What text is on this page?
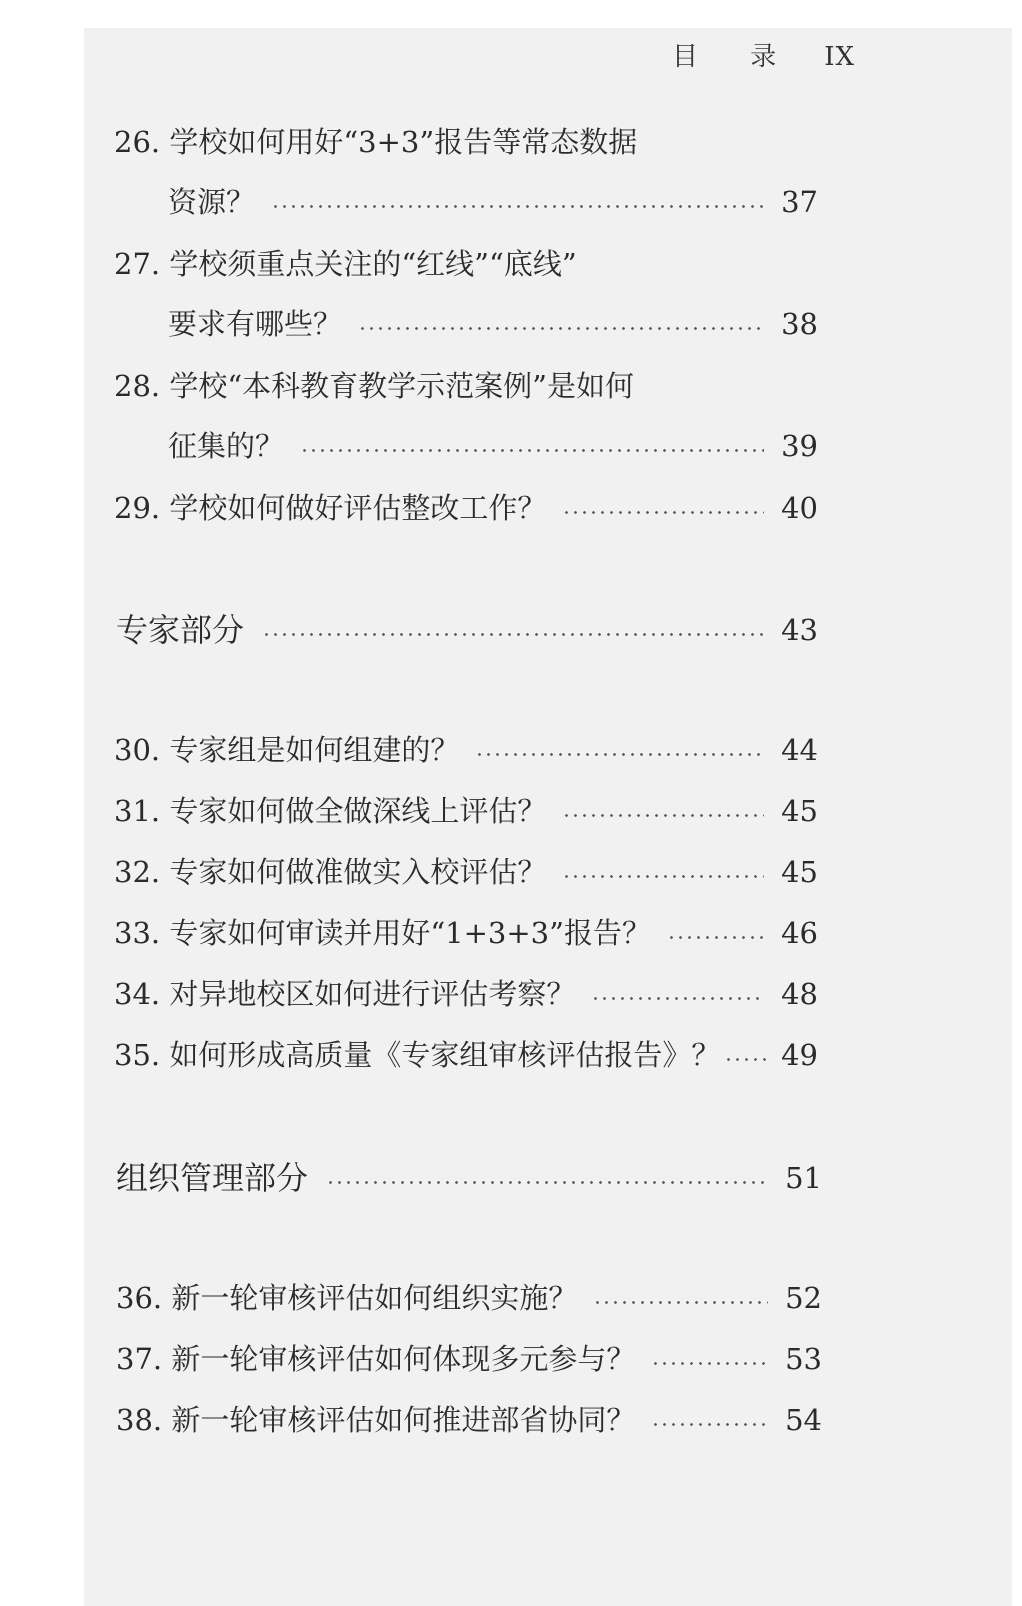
目 录 IX
26. 学校如何用好“3+3”报告等常态数据
资源？	37
27. 学校须重点关注的“红线”“底线”
要求有哪些？	38
28. 学校“本科教育教学示范案例”是如何
征集的？	39
29. 学校如何做好评估整改工作？	40
专家部分	43
30. 专家组是如何组建的？	44
31. 专家如何做全做深线上评估？	45
32. 专家如何做准做实入校评估？	45
33. 专家如何审读并用好“1+3+3”报告？	46
34. 对异地校区如何进行评估考察？	48
35. 如何形成高质量《专家组审核评估报告》？ 49
组织管理部分	51
36. 新一轮审核评估如何组织实施？	52
37. 新一轮审核评估如何体现多元参与？	53
38. 新一轮审核评估如何推进部省协同？	54
